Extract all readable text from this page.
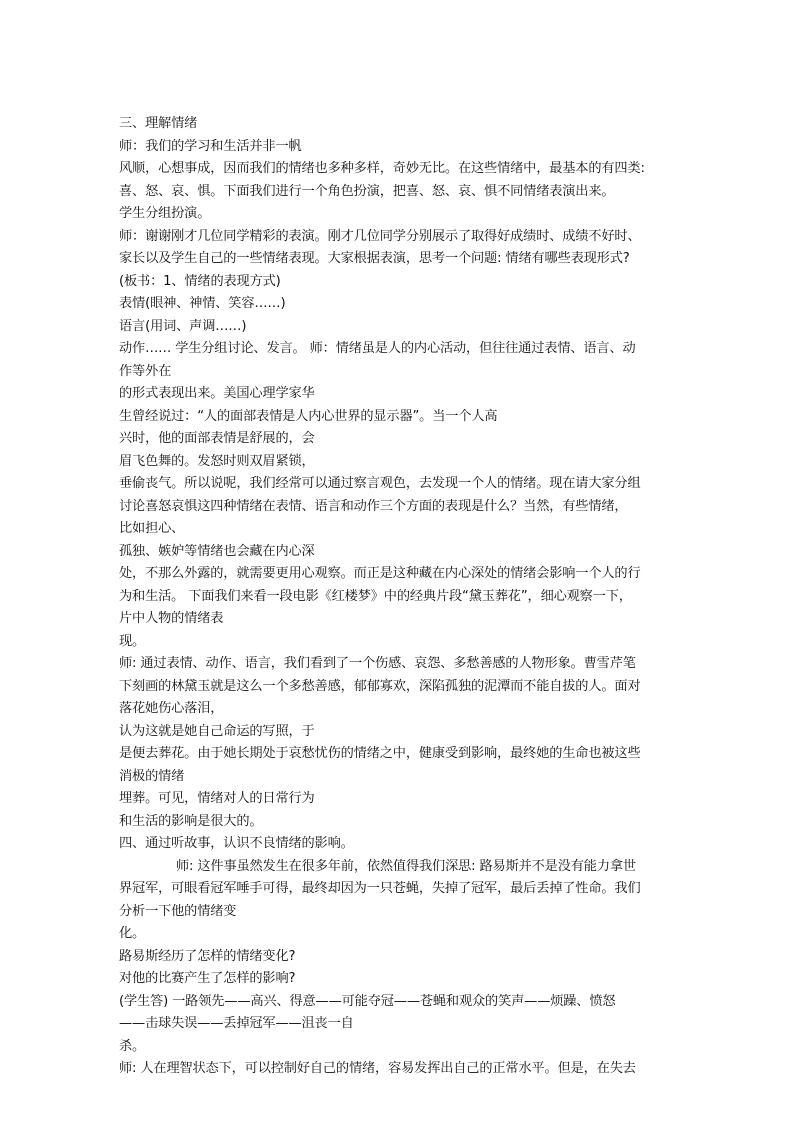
三、理解情绪
师：我们的学习和生活并非一帆
风顺，心想事成，因而我们的情绪也多种多样，奇妙无比。在这些情绪中，最基本的有四类:
喜、怒、哀、惧。下面我们进行一个角色扮演，把喜、怒、哀、惧不同情绪表演出来。
学生分组扮演。
师：谢谢刚才几位同学精彩的表演。刚才几位同学分别展示了取得好成绩时、成绩不好时、
家长以及学生自己的一些情绪表现。大家根据表演，思考一个问题: 情绪有哪些表现形式?
(板书：1、情绪的表现方式)
表情(眼神、神情、笑容……)
语言(用词、声调……)
动作…… 学生分组讨论、发言。 师：情绪虽是人的内心活动，但往往通过表情、语言、动
作等外在
的形式表现出来。美国心理学家华
生曾经说过：“人的面部表情是人内心世界的显示器”。当一个人高
兴时，他的面部表情是舒展的，会
眉飞色舞的。发怒时则双眉紧锁，
垂偷丧气。所以说呢，我们经常可以通过察言观色，去发现一个人的情绪。现在请大家分组
讨论喜怒哀惧这四种情绪在表情、语言和动作三个方面的表现是什么？当然，有些情绪，
比如担心、
孤独、嫉妒等情绪也会藏在内心深
处，不那么外露的，就需要更用心观察。而正是这种藏在内心深处的情绪会影响一个人的行
为和生活。 下面我们来看一段电影《红楼梦》中的经典片段“黛玉葬花”，细心观察一下，
片中人物的情绪表
现。
师: 通过表情、动作、语言，我们看到了一个伤感、哀怨、多愁善感的人物形象。曹雪芹笔
下刻画的林黛玉就是这么一个多愁善感，郁郁寡欢，深陷孤独的泥潭而不能自拔的人。面对
落花她伤心落泪，
认为这就是她自己命运的写照，于
是便去葬花。由于她长期处于哀愁忧伤的情绪之中，健康受到影响，最终她的生命也被这些
消极的情绪
埋葬。可见，情绪对人的日常行为
和生活的影响是很大的。
四、通过听故事，认识不良情绪的影响。
师: 这件事虽然发生在很多年前，依然值得我们深思: 路易斯并不是没有能力拿世
界冠军，可眼看冠军唾手可得，最终却因为一只苍蝇，失掉了冠军，最后丢掉了性命。我们
分析一下他的情绪变
化。
路易斯经历了怎样的情绪变化?
对他的比赛产生了怎样的影响?
(学生答) 一路领先——高兴、得意——可能夺冠——苍蝇和观众的笑声——烦躁、愤怒
——击球失误——丢掉冠军——沮丧一自
杀。
师: 人在理智状态下，可以控制好自己的情绪，容易发挥出自己的正常水平。但是，在失去
